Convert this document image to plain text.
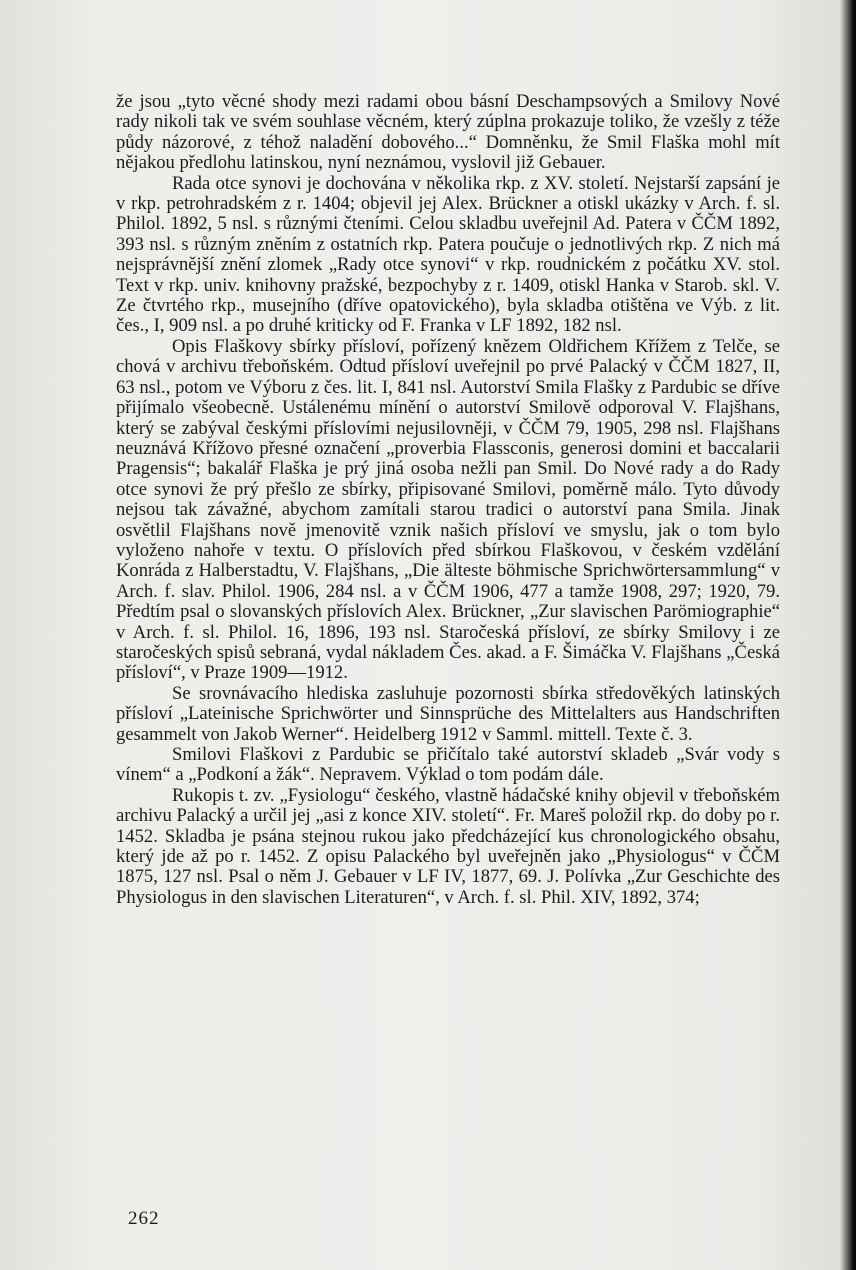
že jsou „tyto věcné shody mezi radami obou básní Deschampsových a Smilovy Nové rady nikoli tak ve svém souhlase věcném, který zúplna prokazuje toliko, že vzešly z téže půdy názorové, z téhož naladění dobového...“ Domněnku, že Smil Flaška mohl mít nějakou předlohu latinskou, nyní neznámou, vyslovil již Gebauer.

Rada otce synovi je dochována v několika rkp. z XV. století. Nejstarší zapsání je v rkp. petrohradském z r. 1404; objevil jej Alex. Brückner a otiskl ukázky v Arch. f. sl. Philol. 1892, 5 nsl. s různými čteními. Celou skladbu uveřejnil Ad. Patera v ČČM 1892, 393 nsl. s různým zněním z ostatních rkp. Patera poučuje o jednotlivých rkp. Z nich má nejsprávnější znění zlomek „Rady otce synovi“ v rkp. roudnickém z počátku XV. stol. Text v rkp. univ. knihovny pražské, bezpochyby z r. 1409, otiskl Hanka v Starob. skl. V. Ze čtvrtého rkp., musejního (dříve opatovického), byla skladba otištěna ve Výb. z lit. čes., I, 909 nsl. a po druhé kriticky od F. Franka v LF 1892, 182 nsl.

Opis Flaškovy sbírky přísloví, pořízený knězem Oldřichem Křížem z Telče, se chová v archivu třeboňském. Odtud přísloví uveřejnil po prvé Palacký v ČČM 1827, II, 63 nsl., potom ve Výboru z čes. lit. I, 841 nsl. Autorství Smila Flašky z Pardubic se dříve přijímalo všeobecně. Ustálenému mínění o autorství Smilově odporoval V. Flajšhans, který se zabýval českými příslovími nejusilovněji, v ČČM 79, 1905, 298 nsl. Flajšhans neuznává Křížovo přesné označení „proverbia Flassconis, generosi domini et baccalarii Pragensis“; bakalář Flaška je prý jiná osoba nežli pan Smil. Do Nové rady a do Rady otce synovi že prý přešlo ze sbírky, připisované Smilovi, poměrně málo. Tyto důvody nejsou tak závažné, abychom zamítali starou tradici o autorství pana Smila. Jinak osvětlil Flajšhans nově jmenovitě vznik našich přísloví ve smyslu, jak o tom bylo vyloženo nahoře v textu. O příslovích před sbírkou Flaškovou, v českém vzdělání Konráda z Halberstadtu, V. Flajšhans, „Die älteste böhmische Sprichwörtersammlung“ v Arch. f. slav. Philol. 1906, 284 nsl. a v ČČM 1906, 477 a tamže 1908, 297; 1920, 79. Předtím psal o slovanských příslovích Alex. Brückner, „Zur slavischen Parömiographie“ v Arch. f. sl. Philol. 16, 1896, 193 nsl. Staročeská přísloví, ze sbírky Smilovy i ze staročeských spisů sebraná, vydal nákladem Čes. akad. a F. Šimáčka V. Flajšhans „Česká přísloví“, v Praze 1909—1912.

Se srovnávacího hlediska zasluhuje pozornosti sbírka středověkých latinských přísloví „Lateinische Sprichwörter und Sinnsprüche des Mittelalters aus Handschriften gesammelt von Jakob Werner“. Heidelberg 1912 v Samml. mittell. Texte č. 3.

Smilovi Flaškovi z Pardubic se přičítalo také autorství skladeb „Svár vody s vínem“ a „Podkoní a žák“. Nepravem. Výklad o tom podám dále.

Rukopis t. zv. „Fysiologu“ českého, vlastně hádačské knihy objevil v třeboňském archivu Palacký a určil jej „asi z konce XIV. století“. Fr. Mareš položil rkp. do doby po r. 1452. Skladba je psána stejnou rukou jako předcházející kus chronologického obsahu, který jde až po r. 1452. Z opisu Palackého byl uveřejněn jako „Physiologus“ v ČČM 1875, 127 nsl. Psal o něm J. Gebauer v LF IV, 1877, 69. J. Polívka „Zur Geschichte des Physiologus in den slavischen Literaturen“, v Arch. f. sl. Phil. XIV, 1892, 374;

262
